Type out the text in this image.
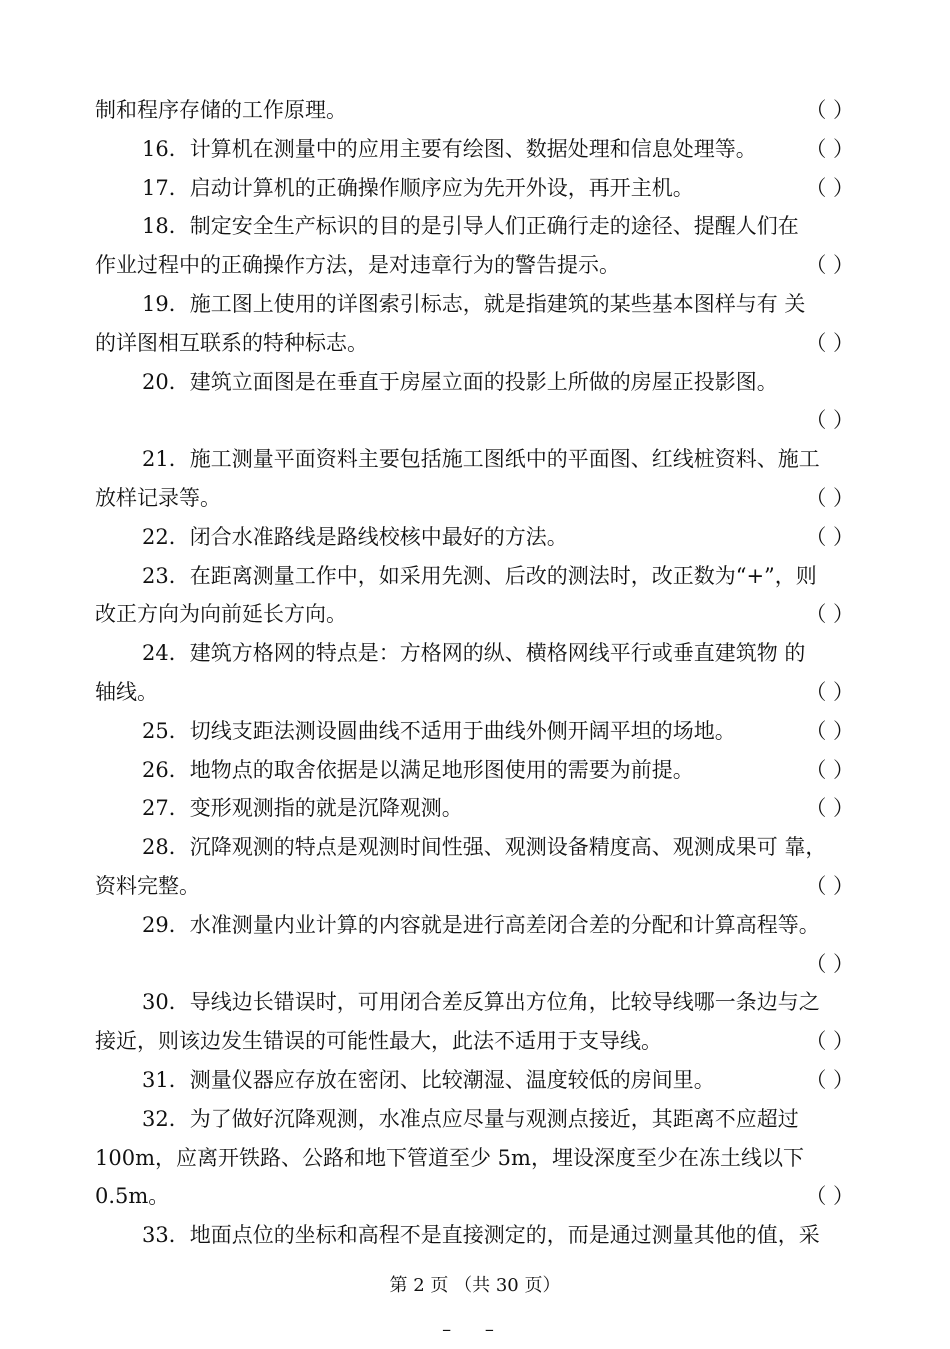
制和程序存储的工作原理。	（ ）
16．计算机在测量中的应用主要有绘图、数据处理和信息处理等。 （ ）
17．启动计算机的正确操作顺序应为先开外设，再开主机。	（ ）
18．制定安全生产标识的目的是引导人们正确行走的途径、提醒人们在
作业过程中的正确操作方法，是对违章行为的警告提示。	（ ）
19．施工图上使用的详图索引标志，就是指建筑的某些基本图样与有 关
的详图相互联系的特种标志。	（ ）
20．建筑立面图是在垂直于房屋立面的投影上所做的房屋正投影图。
（ ）
21．施工测量平面资料主要包括施工图纸中的平面图、红线桩资料、施工
放样记录等。	（ ）
22．闭合水准路线是路线校核中最好的方法。	（ ）
23．在距离测量工作中，如采用先测、后改的测法时，改正数为“+”，则
改正方向为向前延长方向。	（ ）
24．建筑方格网的特点是：方格网的纵、横格网线平行或垂直建筑物 的
轴线。	（ ）
25．切线支距法测设圆曲线不适用于曲线外侧开阔平坦的场地。	（ ）
26．地物点的取舍依据是以满足地形图使用的需要为前提。	（ ）
27．变形观测指的就是沉降观测。	（ ）
28．沉降观测的特点是观测时间性强、观测设备精度高、观测成果可 靠，
资料完整。	（ ）
29．水准测量内业计算的内容就是进行高差闭合差的分配和计算高程等。
（ ）
30．导线边长错误时，可用闭合差反算出方位角，比较导线哪一条边与之
接近，则该边发生错误的可能性最大，此法不适用于支导线。	（ ）
31．测量仪器应存放在密闭、比较潮湿、温度较低的房间里。	（ ）
32．为了做好沉降观测，水准点应尽量与观测点接近，其距离不应超过
100m，应离开铁路、公路和地下管道至少 5m，埋设深度至少在冻土线以下
0.5m。	（ ）
33．地面点位的坐标和高程不是直接测定的，而是通过测量其他的值，采
第 2 页 （共 30 页）
– –
